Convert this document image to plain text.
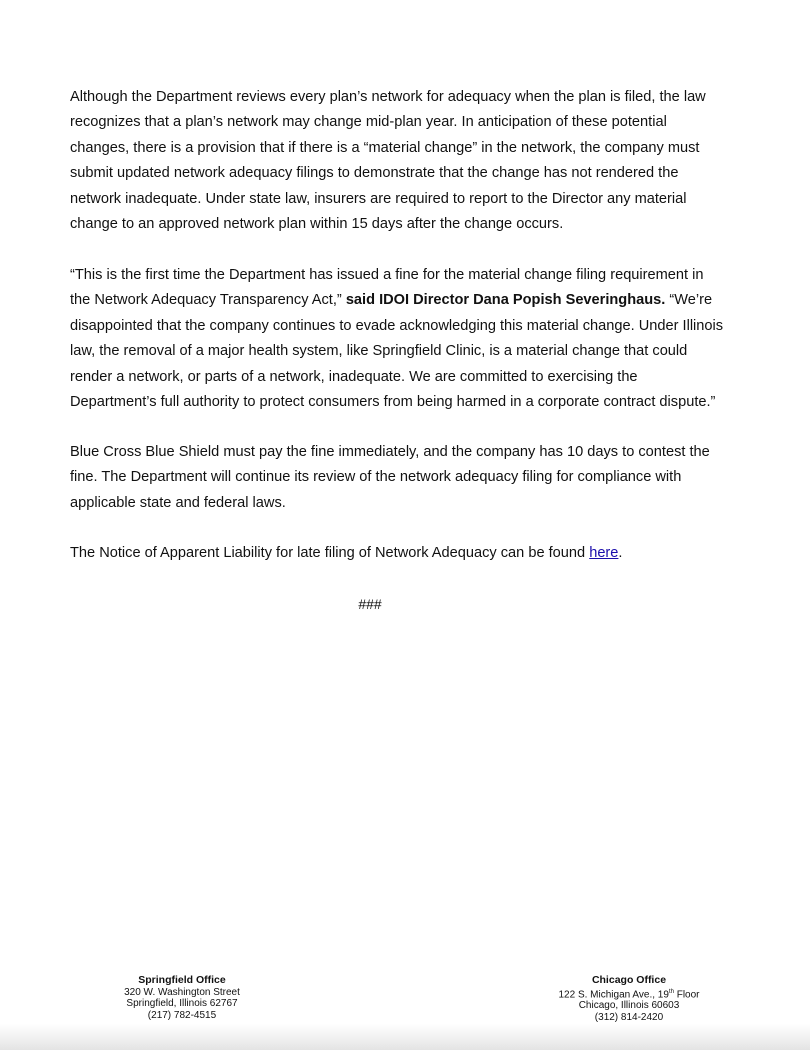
Although the Department reviews every plan’s network for adequacy when the plan is filed, the law
recognizes that a plan’s network may change mid-plan year. In anticipation of these potential
changes, there is a provision that if there is a “material change” in the network, the company must
submit updated network adequacy filings to demonstrate that the change has not rendered the
network inadequate. Under state law, insurers are required to report to the Director any material
change to an approved network plan within 15 days after the change occurs.
“This is the first time the Department has issued a fine for the material change filing requirement in
the Network Adequacy Transparency Act,” said IDOI Director Dana Popish Severinghaus. “We’re
disappointed that the company continues to evade acknowledging this material change. Under Illinois
law, the removal of a major health system, like Springfield Clinic, is a material change that could
render a network, or parts of a network, inadequate. We are committed to exercising the
Department’s full authority to protect consumers from being harmed in a corporate contract dispute.”
Blue Cross Blue Shield must pay the fine immediately, and the company has 10 days to contest the
fine. The Department will continue its review of the network adequacy filing for compliance with
applicable state and federal laws.
The Notice of Apparent Liability for late filing of Network Adequacy can be found here.
###
Springfield Office
320 W. Washington Street
Springfield, Illinois 62767
(217) 782-4515
Chicago Office
122 S. Michigan Ave., 19th Floor
Chicago, Illinois 60603
(312) 814-2420
